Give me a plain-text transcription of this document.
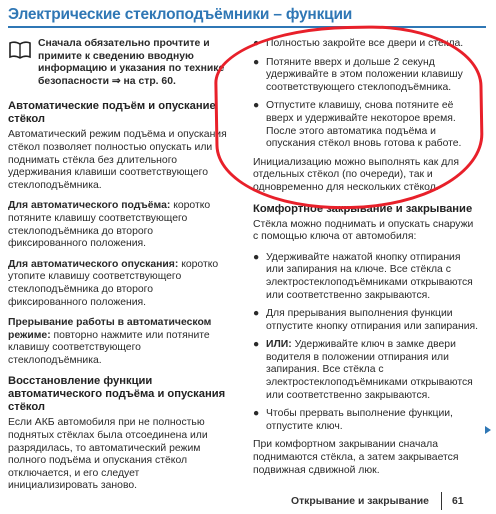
Электрические стеклоподъёмники – функции
Сначала обязательно прочтите и примите к сведению вводную информацию и указания по технике безопасности ⇒ на стр. 60.
Автоматические подъём и опускание стёкол

Автоматический режим подъёма и опускания стёкол позволяет полностью опускать или поднимать стёкла без длительного удерживания клавиши соответствующего стеклоподъёмника.

Для автоматического подъёма: коротко потяните клавишу соответствующего стеклоподъёмника до второго фиксированного положения.

Для автоматического опускания: коротко утопите клавишу соответствующего стеклоподъёмника до второго фиксированного положения.

Прерывание работы в автоматическом режиме: повторно нажмите или потяните клавишу соответствующего стеклоподъёмника.

Восстановление функции автоматического подъёма и опускания стёкол

Если АКБ автомобиля при не полностью поднятых стёклах была отсоединена или разрядилась, то автоматический режим полного подъёма и опускания стёкол отключается, и его следует инициализировать заново.

● Полностью закройте все двери и стёкла.
● Потяните вверх и дольше 2 секунд удерживайте в этом положении клавишу соответствующего стеклоподъёмника.
● Отпустите клавишу, снова потяните её вверх и удерживайте некоторое время. После этого автоматика подъёма и опускания стёкол вновь готова к работе.

Инициализацию можно выполнять как для отдельных стёкол (по очереди), так и одновременно для нескольких стёкол.

Комфортное закрывание и закрывание

Стёкла можно поднимать и опускать снаружи с помощью ключа от автомобиля:

● Удерживайте нажатой кнопку отпирания или запирания на ключе. Все стёкла с электростеклоподъёмниками открываются или соответственно закрываются.
● Для прерывания выполнения функции отпустите кнопку отпирания или запирания.
● ИЛИ: Удерживайте ключ в замке двери водителя в положении отпирания или запирания. Все стёкла с электростеклоподъёмниками открываются или соответственно закрываются.
● Чтобы прервать выполнение функции, отпустите ключ.

При комфортном закрывании сначала поднимаются стёкла, а затем закрывается подвижная сдвижной люк.

Открывание и закрывание 61
